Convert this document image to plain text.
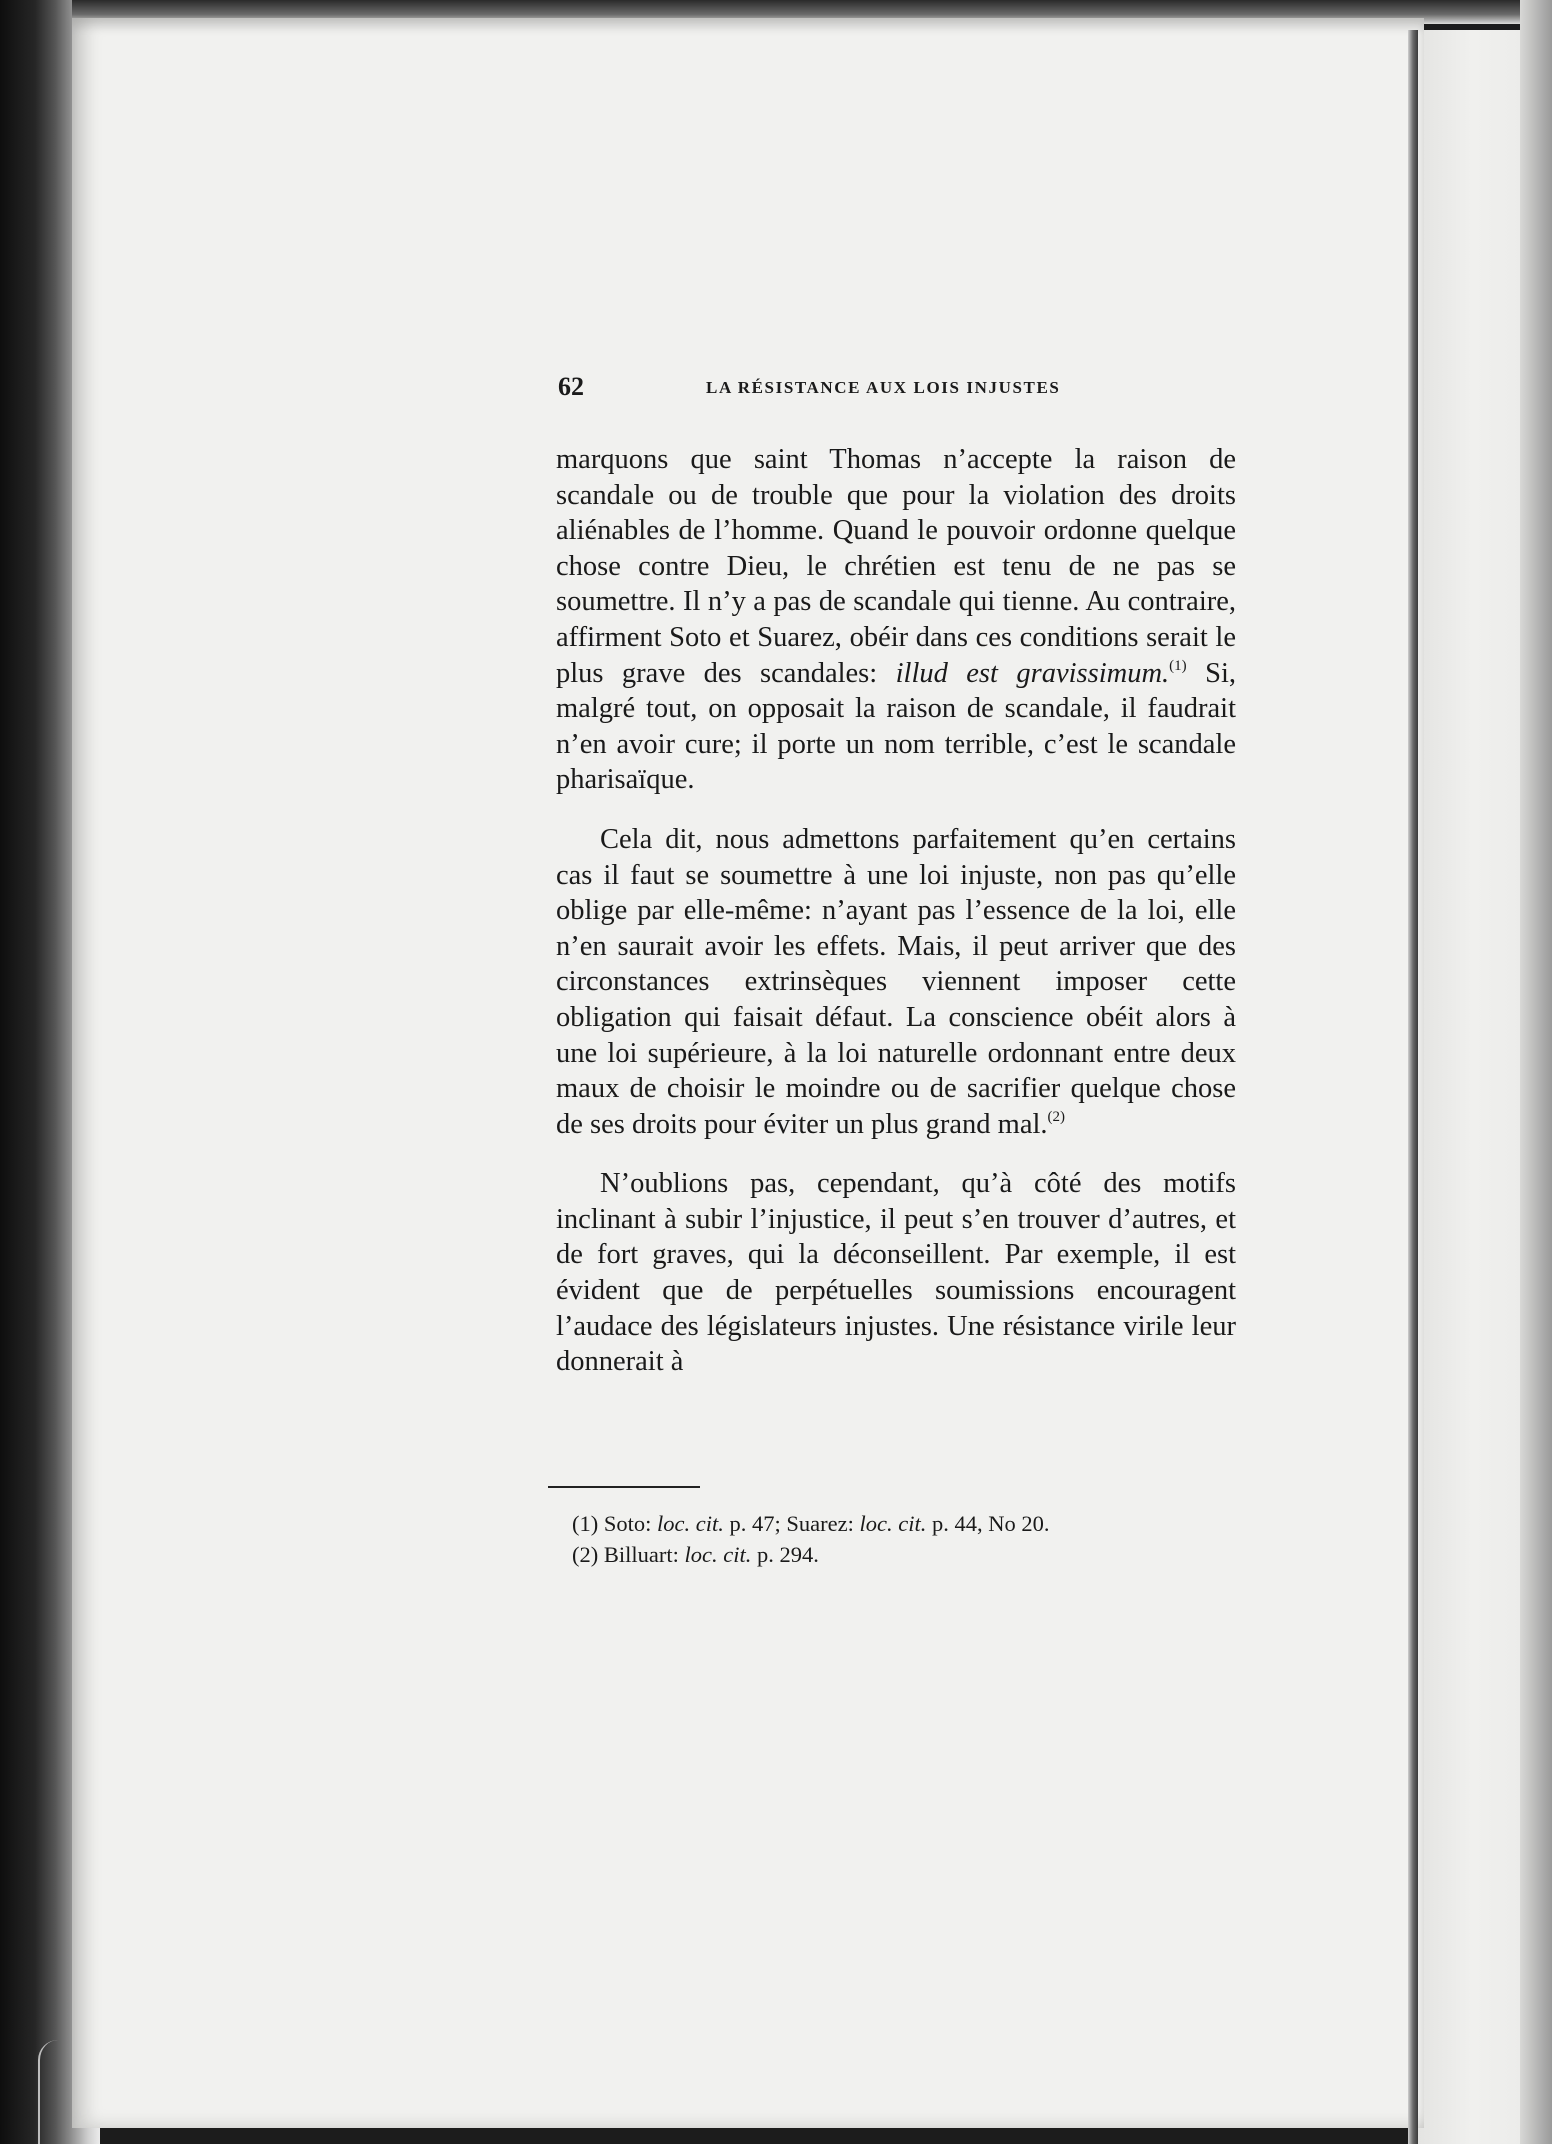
62	LA RÉSISTANCE AUX LOIS INJUSTES

marquons que saint Thomas n’accepte la raison de scandale ou de trouble que pour la violation des droits aliénables de l’homme. Quand le pouvoir ordonne quelque chose contre Dieu, le chrétien est tenu de ne pas se soumettre. Il n’y a pas de scandale qui tienne. Au contraire, affirment Soto et Suarez, obéir dans ces conditions serait le plus grave des scandales: illud est gravissimum.$^{(1)}$ Si, malgré tout, on opposait la raison de scandale, il faudrait n’en avoir cure; il porte un nom terrible, c’est le scandale pharisaïque.

Cela dit, nous admettons parfaitement qu’en certains cas il faut se soumettre à une loi injuste, non pas qu’elle oblige par elle-même: n’ayant pas l’essence de la loi, elle n’en saurait avoir les effets. Mais, il peut arriver que des circonstances extrinsèques viennent imposer cette obligation qui faisait défaut. La conscience obéit alors à une loi supérieure, à la loi naturelle ordonnant entre deux maux de choisir le moindre ou de sacrifier quelque chose de ses droits pour éviter un plus grand mal.$^{(2)}$

N’oublions pas, cependant, qu’à côté des motifs inclinant à subir l’injustice, il peut s’en trouver d’autres, et de fort graves, qui la déconseillent. Par exemple, il est évident que de perpétuelles soumissions encouragent l’audace des législateurs injustes. Une résistance virile leur donnerait à

(1) Soto: loc. cit. p. 47; Suarez: loc. cit. p. 44, No 20.
(2) Billuart: loc. cit. p. 294.
